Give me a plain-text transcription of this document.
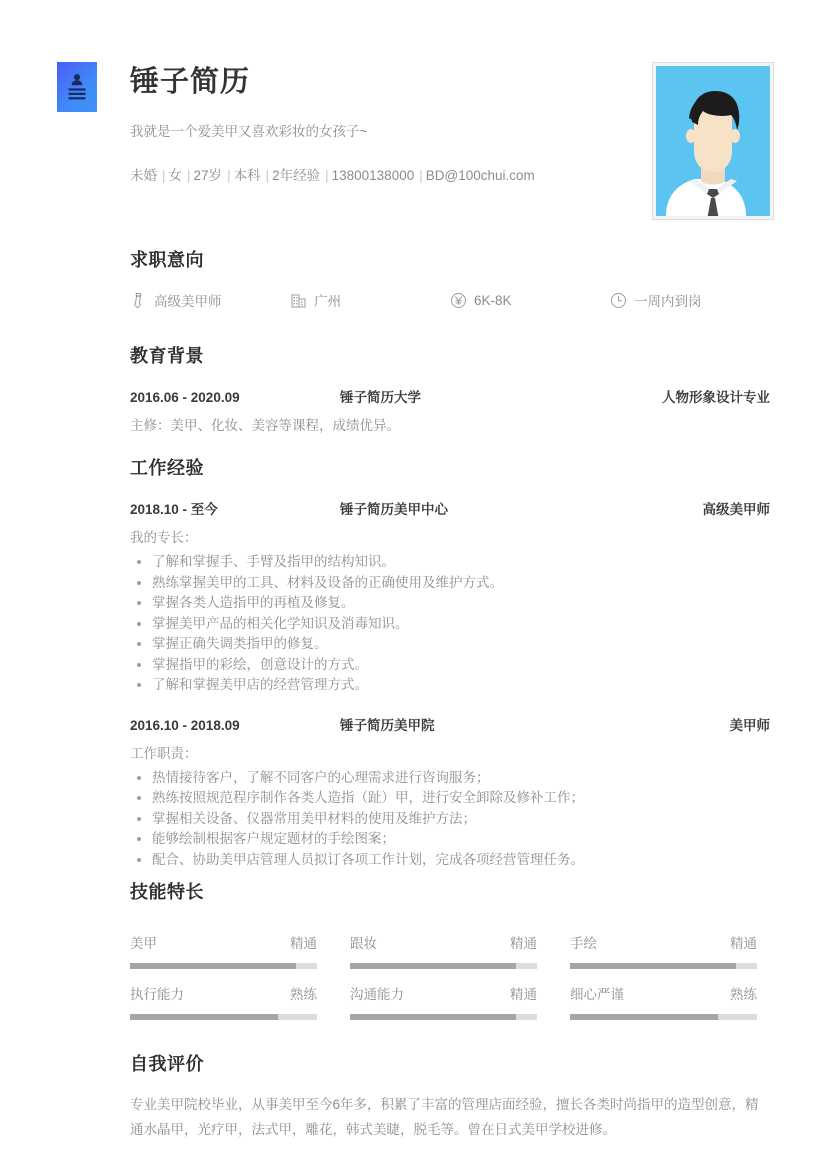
锤子简历
我就是一个爱美甲又喜欢彩妆的女孩子~
未婚 | 女 | 27岁 | 本科 | 2年经验 | 13800138000 | BD@100chui.com
求职意向
高级美甲师	广州	6K-8K	一周内到岗
教育背景
2016.06 - 2020.09	锤子简历大学	人物形象设计专业
主修：美甲、化妆、美容等课程，成绩优异。
工作经验
2018.10 - 至今	锤子简历美甲中心	高级美甲师
我的专长：
了解和掌握手、手臂及指甲的结构知识。
熟练掌握美甲的工具、材料及设备的正确使用及维护方式。
掌握各类人造指甲的再植及修复。
掌握美甲产品的相关化学知识及消毒知识。
掌握正确失调类指甲的修复。
掌握指甲的彩绘，创意设计的方式。
了解和掌握美甲店的经营管理方式。
2016.10 - 2018.09	锤子简历美甲院	美甲师
工作职责：
热情接待客户，了解不同客户的心理需求进行咨询服务；
熟练按照规范程序制作各类人造指（趾）甲，进行安全卸除及修补工作；
掌握相关设备、仪器常用美甲材料的使用及维护方法；
能够绘制根据客户规定题材的手绘图案；
配合、协助美甲店管理人员拟订各项工作计划，完成各项经营管理任务。
技能特长
美甲	精通 跟妆	精通 手绘	精通
执行能力	熟练 沟通能力	精通 细心严谨	熟练
自我评价
专业美甲院校毕业，从事美甲至今6年多，积累了丰富的管理店面经验，擅长各类时尚指甲的造型创意，精通水晶甲，光疗甲，法式甲，雕花，韩式美睫，脱毛等。曾在日式美甲学校进修。
